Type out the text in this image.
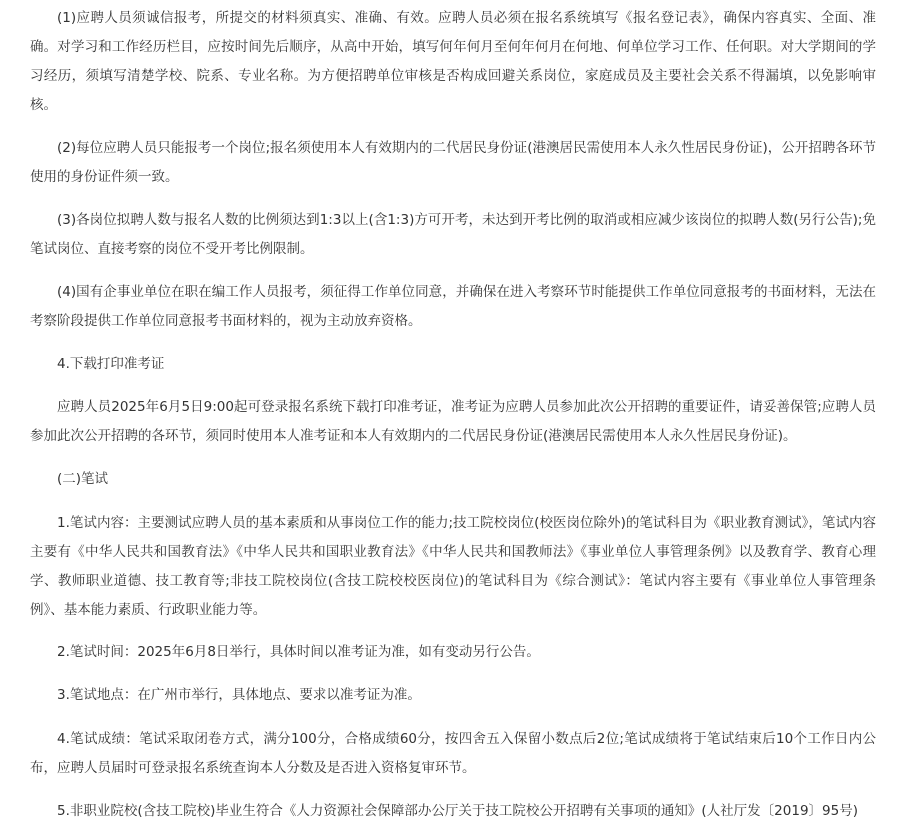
(1)应聘人员须诚信报考，所提交的材料须真实、准确、有效。应聘人员必须在报名系统填写《报名登记表》，确保内容真实、全面、准确。对学习和工作经历栏目，应按时间先后顺序，从高中开始，填写何年何月至何年何月在何地、何单位学习工作、任何职。对大学期间的学习经历，须填写清楚学校、院系、专业名称。为方便招聘单位审核是否构成回避关系岗位，家庭成员及主要社会关系不得漏填，以免影响审核。

(2)每位应聘人员只能报考一个岗位;报名须使用本人有效期内的二代居民身份证(港澳居民需使用本人永久性居民身份证)，公开招聘各环节使用的身份证件须一致。

(3)各岗位拟聘人数与报名人数的比例须达到1:3以上(含1:3)方可开考，未达到开考比例的取消或相应减少该岗位的拟聘人数(另行公告);免笔试岗位、直接考察的岗位不受开考比例限制。

(4)国有企事业单位在职在编工作人员报考，须征得工作单位同意，并确保在进入考察环节时能提供工作单位同意报考的书面材料，无法在考察阶段提供工作单位同意报考书面材料的，视为主动放弃资格。

4.下载打印准考证

应聘人员2025年6月5日9:00起可登录报名系统下载打印准考证，准考证为应聘人员参加此次公开招聘的重要证件，请妥善保管;应聘人员参加此次公开招聘的各环节，须同时使用本人准考证和本人有效期内的二代居民身份证(港澳居民需使用本人永久性居民身份证)。

(二)笔试

1.笔试内容：主要测试应聘人员的基本素质和从事岗位工作的能力;技工院校岗位(校医岗位除外)的笔试科目为《职业教育测试》，笔试内容主要有《中华人民共和国教育法》《中华人民共和国职业教育法》《中华人民共和国教师法》《事业单位人事管理条例》以及教育学、教育心理学、教师职业道德、技工教育等;非技工院校岗位(含技工院校校医岗位)的笔试科目为《综合测试》：笔试内容主要有《事业单位人事管理条例》、基本能力素质、行政职业能力等。

2.笔试时间：2025年6月8日举行，具体时间以准考证为准，如有变动另行公告。

3.笔试地点：在广州市举行，具体地点、要求以准考证为准。

4.笔试成绩：笔试采取闭卷方式，满分100分，合格成绩60分，按四舍五入保留小数点后2位;笔试成绩将于笔试结束后10个工作日内公布，应聘人员届时可登录报名系统查询本人分数及是否进入资格复审环节。

5.非职业院校(含技工院校)毕业生符合《人力资源社会保障部办公厅关于技工院校公开招聘有关事项的通知》(人社厅发〔2019〕95号)
